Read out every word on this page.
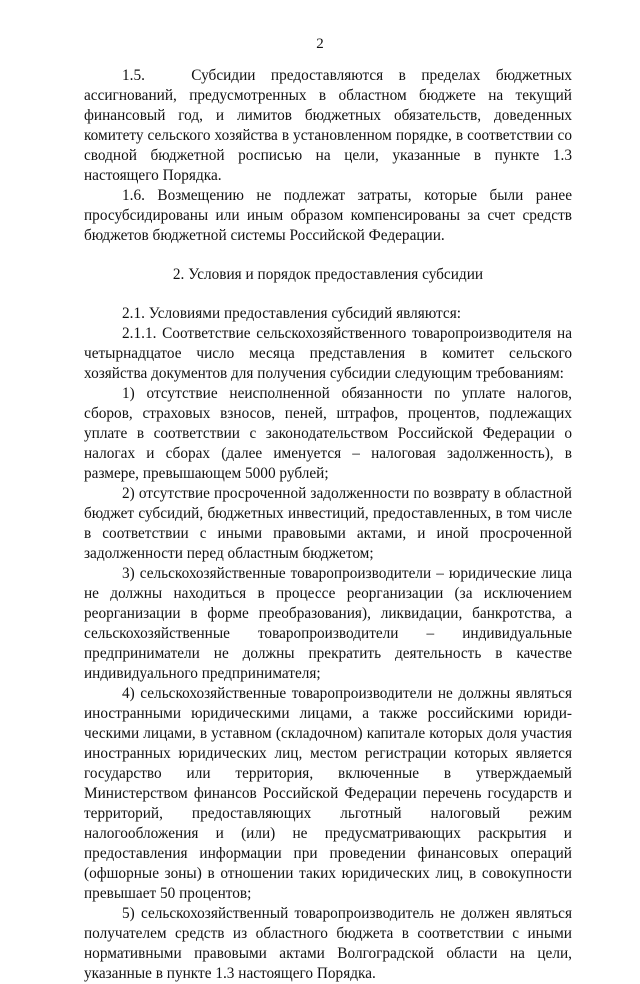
2

1.5.   Субсидии предоставляются в пределах бюджетных ассигнований, предусмотренных в областном бюджете на текущий финансовый год, и лимитов бюджетных обязательств, доведенных комитету сельского хозяйства в установленном порядке, в соответствии со сводной бюджетной росписью на цели, указанные в пункте 1.3 настоящего Порядка.

1.6. Возмещению не подлежат затраты, которые были ранее просубсидированы или иным образом компенсированы за счет средств бюджетов бюджетной системы Российской Федерации.

2. Условия и порядок предоставления субсидии

2.1. Условиями предоставления субсидий являются:

2.1.1. Соответствие сельскохозяйственного товаропроизводителя на четырнадцатое число месяца представления в комитет сельского хозяйства документов для получения субсидии следующим требованиям:

1) отсутствие неисполненной обязанности по уплате налогов, сборов, страховых взносов, пеней, штрафов, процентов, подлежащих уплате в соответствии с законодательством Российской Федерации о налогах и сборах (далее именуется – налоговая задолженность), в размере, превышающем 5000 рублей;

2) отсутствие просроченной задолженности по возврату в областной бюджет субсидий, бюджетных инвестиций, предоставленных, в том числе в соответствии с иными правовыми актами, и иной просроченной задолженности перед областным бюджетом;

3) сельскохозяйственные товаропроизводители – юридические лица не должны находиться в процессе реорганизации (за исключением реорганизации в форме преобразования), ликвидации, банкротства, а сельскохозяйственные товаропроизводители – индивидуальные предприниматели не должны прекратить деятельность в качестве индивидуального предпринимателя;

4) сельскохозяйственные товаропроизводители не должны являться иностранными юридическими лицами, а также российскими юридическими лицами, в уставном (складочном) капитале которых доля участия иностранных юридических лиц, местом регистрации которых является государство или территория, включенные в утверждаемый Министерством финансов Российской Федерации перечень государств и территорий, предоставляющих льготный налоговый режим налогообложения и (или) не предусматривающих раскрытия и предоставления информации при проведении финансовых операций (офшорные зоны) в отношении таких юридических лиц, в совокупности превышает 50 процентов;

5) сельскохозяйственный товаропроизводитель не должен являться получателем средств из областного бюджета в соответствии с иными нормативными правовыми актами Волгоградской области на цели, указанные в пункте 1.3 настоящего Порядка.
